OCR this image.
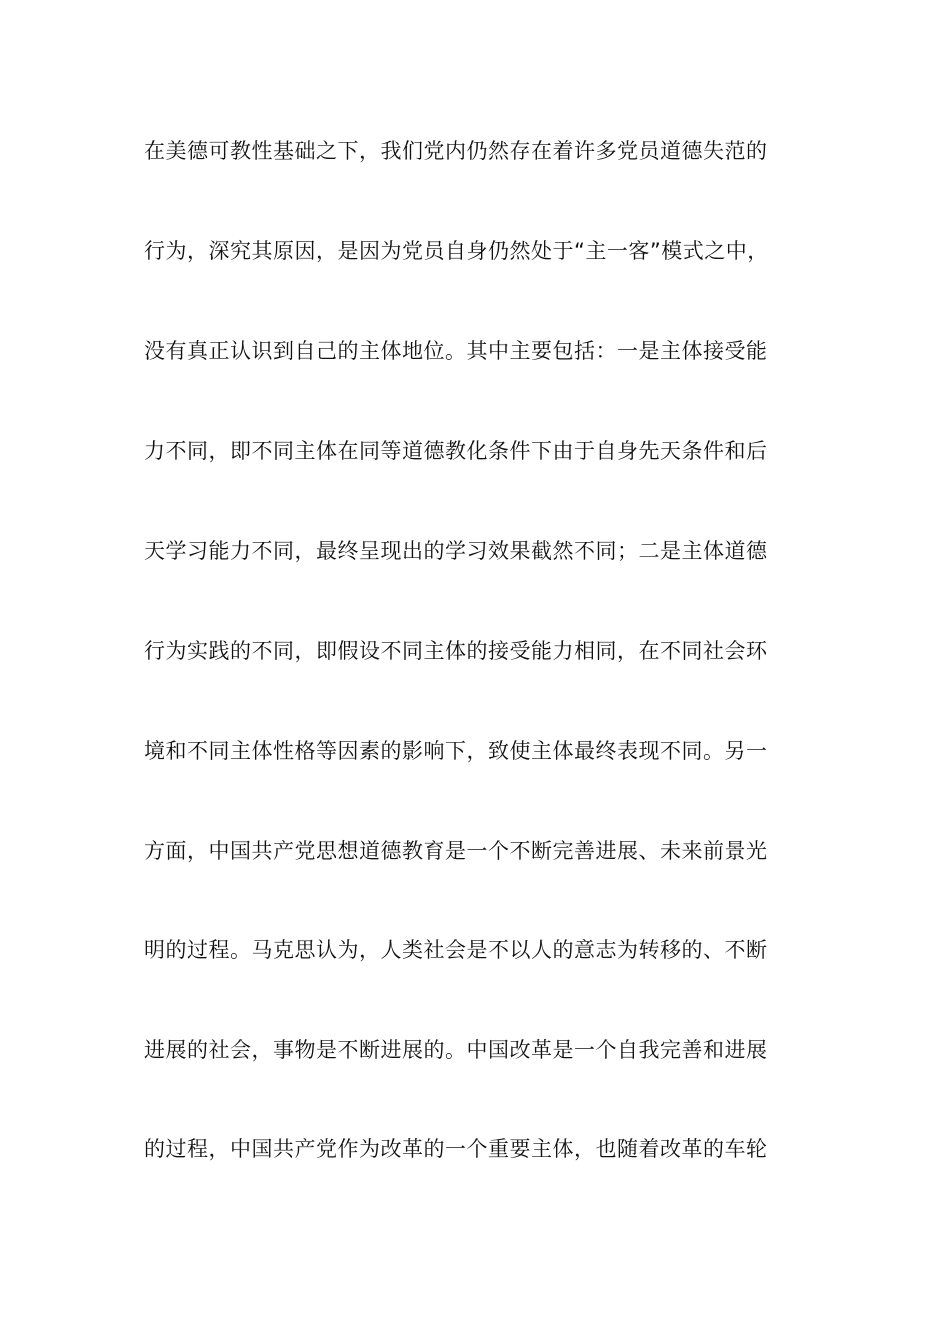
在美德可教性基础之下，我们党内仍然存在着许多党员道德失范的
行为，深究其原因，是因为党员自身仍然处于“主一客”模式之中，
没有真正认识到自己的主体地位。其中主要包括：一是主体接受能
力不同，即不同主体在同等道德教化条件下由于自身先天条件和后
天学习能力不同，最终呈现出的学习效果截然不同；二是主体道德
行为实践的不同，即假设不同主体的接受能力相同，在不同社会环
境和不同主体性格等因素的影响下，致使主体最终表现不同。另一
方面，中国共产党思想道德教育是一个不断完善进展、未来前景光
明的过程。马克思认为，人类社会是不以人的意志为转移的、不断
进展的社会，事物是不断进展的。中国改革是一个自我完善和进展
的过程，中国共产党作为改革的一个重要主体，也随着改革的车轮
